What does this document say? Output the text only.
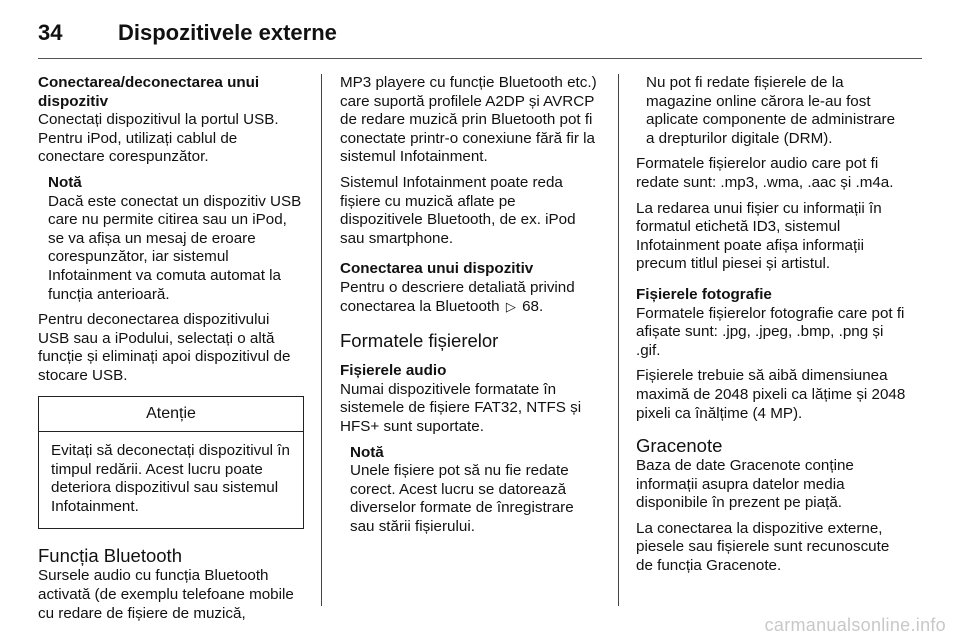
34	Dispozitivele externe

Conectarea/deconectarea unui dispozitiv

Conectați dispozitivul la portul USB. Pentru iPod, utilizați cablul de conectare corespunzător.

Notă
Dacă este conectat un dispozitiv USB care nu permite citirea sau un iPod, se va afișa un mesaj de eroare corespunzător, iar sistemul Infotainment va comuta automat la funcția anterioară.

Pentru deconectarea dispozitivului USB sau a iPodului, selectați o altă funcție și eliminați apoi dispozitivul de stocare USB.

Atenție
Evitați să deconectați dispozitivul în timpul redării. Acest lucru poate deteriora dispozitivul sau sistemul Infotainment.
Funcția Bluetooth

Sursele audio cu funcția Bluetooth activată (de exemplu telefoane mobile cu redare de fișiere de muzică,

MP3 playere cu funcție Bluetooth etc.) care suportă profilele A2DP și AVRCP de redare muzică prin Bluetooth pot fi conectate printr-o conexiune fără fir la sistemul Infotainment.

Sistemul Infotainment poate reda fișiere cu muzică aflate pe dispozitivele Bluetooth, de ex. iPod sau smartphone.

Conectarea unui dispozitiv

Pentru o descriere detaliată privind conectarea la Bluetooth ▷ 68.

Formatele fișierelor

Fișierele audio

Numai dispozitivele formatate în sistemele de fișiere FAT32, NTFS și HFS+ sunt suportate.

Notă
Unele fișiere pot să nu fie redate corect. Acest lucru se datorează diverselor formate de înregistrare sau stării fișierului.

Nu pot fi redate fișierele de la magazine online cărora le-au fost aplicate componente de administrare a drepturilor digitale (DRM).

Formatele fișierelor audio care pot fi redate sunt: .mp3, .wma, .aac și .m4a.

La redarea unui fișier cu informații în formatul etichetă ID3, sistemul Infotainment poate afișa informații precum titlul piesei și artistul.

Fișierele fotografie

Formatele fișierelor fotografie care pot fi afișate sunt: .jpg, .jpeg, .bmp, .png și .gif.

Fișierele trebuie să aibă dimensiunea maximă de 2048 pixeli ca lățime și 2048 pixeli ca înălțime (4 MP).

Gracenote

Baza de date Gracenote conține informații asupra datelor media disponibile în prezent pe piață.

La conectarea la dispozitive externe, piesele sau fișierele sunt recunoscute de funcția Gracenote.

carmanualsonline.info
